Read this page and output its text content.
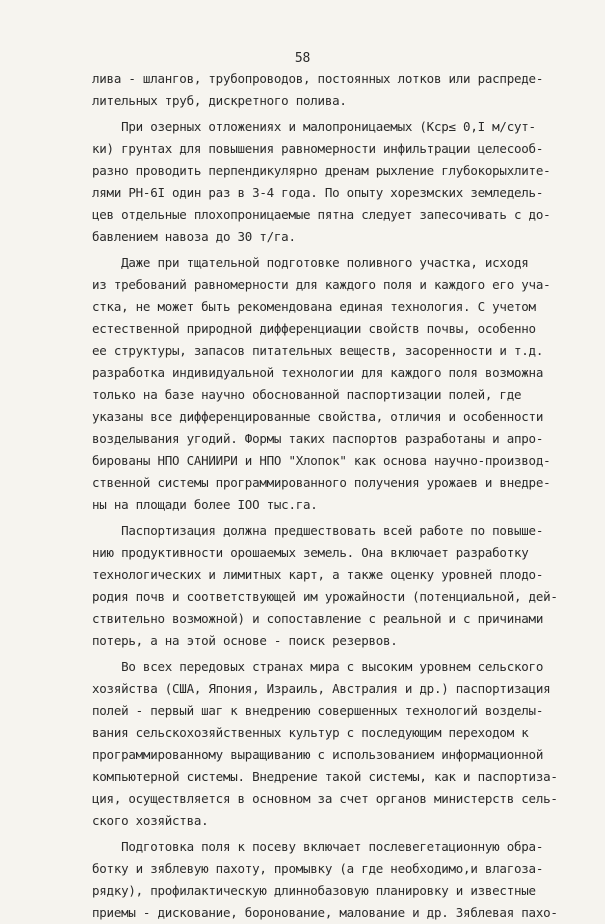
58
лива - шлангов, трубопроводов, постоянных лотков или распреде-
лительных труб, дискретного полива.
При озерных отложениях и малопроницаемых (Kср≤ 0,I м/сут-
ки) грунтах для повышения равномерности инфильтрации целесооб-
разно проводить перпендикулярно дренам рыхление глубокорыхлите-
лями РН-6I один раз в 3-4 года. По опыту хорезмских земледель-
цев отдельные плохопроницаемые пятна следует запесочивать с до-
бавлением навоза до 30 т/га.
Даже при тщательной подготовке поливного участка, исходя
из требований равномерности для каждого поля и каждого его уча-
стка, не может быть рекомендована единая технология. С учетом
естественной природной дифференциации свойств почвы, особенно
ее структуры, запасов питательных веществ, засоренности и т.д.
разработка индивидуальной технологии для каждого поля возможна
только на базе научно обоснованной паспортизации полей, где
указаны все дифференцированные свойства, отличия и особенности
возделывания угодий. Формы таких паспортов разработаны и апро-
бированы НПО САНИИРИ и НПО "Хлопок" как основа научно-производ-
ственной системы программированного получения урожаев и внедре-
ны на площади более IOO тыс.га.
Паспортизация должна предшествовать всей работе по повыше-
нию продуктивности орошаемых земель. Она включает разработку
технологических и лимитных карт, а также оценку уровней плодо-
родия почв и соответствующей им урожайности (потенциальной, дей-
ствительно возможной) и сопоставление с реальной и с причинами
потерь, а на этой основе - поиск резервов.
Во всех передовых странах мира с высоким уровнем сельского
хозяйства (США, Япония, Израиль, Австралия и др.) паспортизация
полей - первый шаг к внедрению совершенных технологий возделы-
вания сельскохозяйственных культур с последующим переходом к
программированному выращиванию с использованием информационной
компьютерной системы. Внедрение такой системы, как и паспортиза-
ция, осуществляется в основном за счет органов министерств сель-
ского хозяйства.
Подготовка поля к посеву включает послевегетационную обра-
ботку и зяблевую пахоту, промывку (а где необходимо,и влагоза-
рядку), профилактическую длиннобазовую планировку и известные
приемы - дискование, боронование, малование и др. Зяблевая пахо-
